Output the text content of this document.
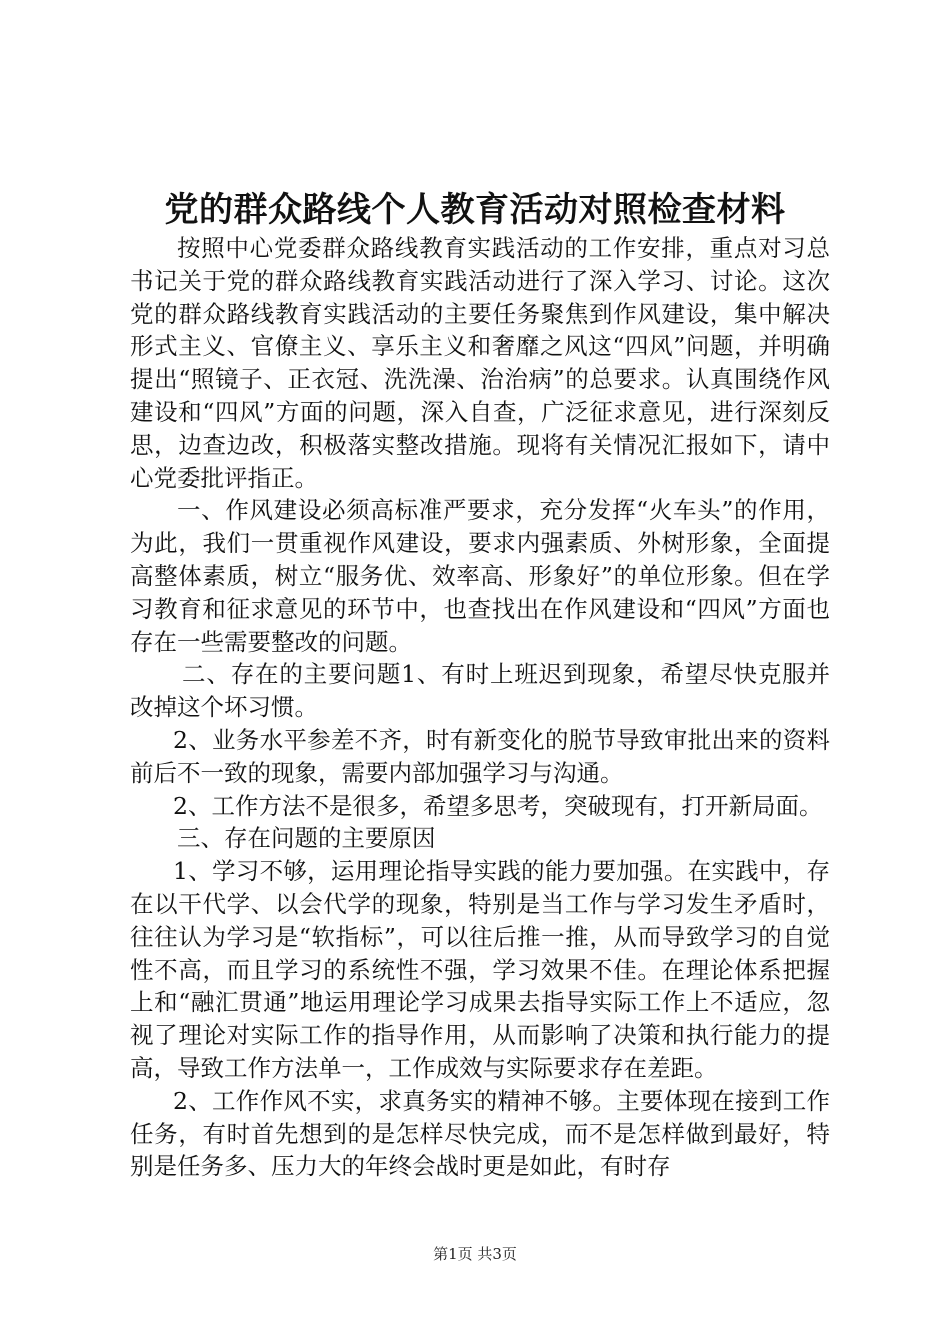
党的群众路线个人教育活动对照检查材料

按照中心党委群众路线教育实践活动的工作安排，重点对习总书记关于党的群众路线教育实践活动进行了深入学习、讨论。这次党的群众路线教育实践活动的主要任务聚焦到作风建设，集中解决形式主义、官僚主义、享乐主义和奢靡之风这“四风”问题，并明确提出“照镜子、正衣冠、洗洗澡、治治病”的总要求。认真围绕作风建设和“四风”方面的问题，深入自查，广泛征求意见，进行深刻反思，边查边改，积极落实整改措施。现将有关情况汇报如下，请中心党委批评指正。

一、作风建设必须高标准严要求，充分发挥“火车头”的作用，为此，我们一贯重视作风建设，要求内强素质、外树形象，全面提高整体素质，树立“服务优、效率高、形象好”的单位形象。但在学习教育和征求意见的环节中，也查找出在作风建设和“四风”方面也存在一些需要整改的问题。

二、存在的主要问题1、有时上班迟到现象，希望尽快克服并改掉这个坏习惯。

2、业务水平参差不齐，时有新变化的脱节导致审批出来的资料前后不一致的现象，需要内部加强学习与沟通。

2、工作方法不是很多，希望多思考，突破现有，打开新局面。

三、存在问题的主要原因

1、学习不够，运用理论指导实践的能力要加强。在实践中，存在以干代学、以会代学的现象，特别是当工作与学习发生矛盾时，往往认为学习是“软指标”，可以往后推一推，从而导致学习的自觉性不高，而且学习的系统性不强，学习效果不佳。在理论体系把握上和“融汇贯通”地运用理论学习成果去指导实际工作上不适应，忽视了理论对实际工作的指导作用，从而影响了决策和执行能力的提高，导致工作方法单一，工作成效与实际要求存在差距。

2、工作作风不实，求真务实的精神不够。主要体现在接到工作任务，有时首先想到的是怎样尽快完成，而不是怎样做到最好，特别是任务多、压力大的年终会战时更是如此，有时存

第1页 共3页
